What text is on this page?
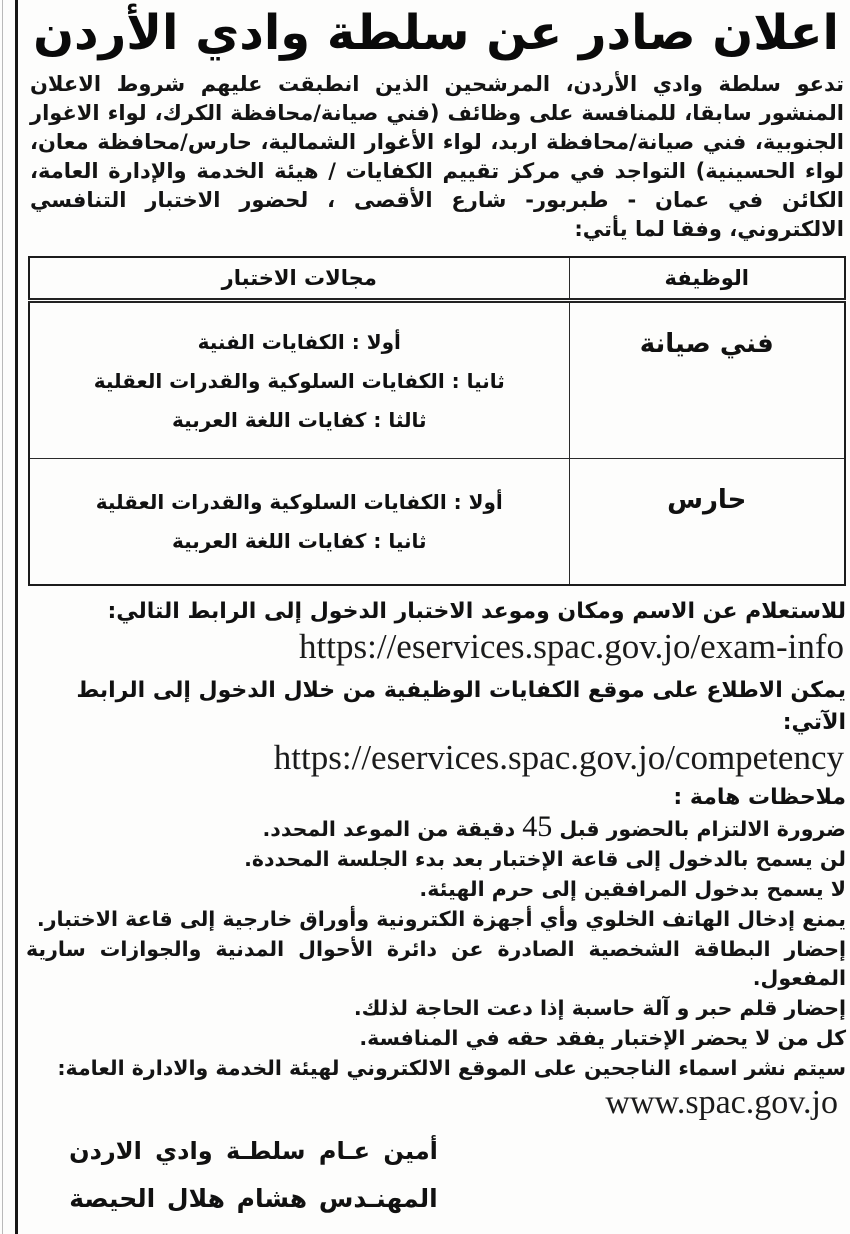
اعلان صادر عن سلطة وادي الأردن

تدعو سلطة وادي الأردن، المرشحين الذين انطبقت عليهم شروط الاعلان المنشور سابقا، للمنافسة على وظائف (فني صيانة/محافظة الكرك، لواء الاغوار الجنوبية، فني صيانة/محافظة اربد، لواء الأغوار الشمالية، حارس/محافظة معان، لواء الحسينية) التواجد في مركز تقييم الكفايات / هيئة الخدمة والإدارة العامة، الكائن في عمان - طبربور- شارع الأقصى ، لحضور الاختبار التنافسي الالكتروني، وفقا لما يأتي:

الوظيفة	مجالات الاختبار
فني صيانة	أولا : الكفايات الفنية
ثانيا : الكفايات السلوكية والقدرات العقلية
ثالثا : كفايات اللغة العربية

حارس	أولا : الكفايات السلوكية والقدرات العقلية
ثانيا : كفايات اللغة العربية

للاستعلام عن الاسم ومكان وموعد الاختبار الدخول إلى الرابط التالي:

https://eservices.spac.gov.jo/exam-info

يمكن الاطلاع على موقع الكفايات الوظيفية من خلال الدخول إلى الرابط الآتي:

https://eservices.spac.gov.jo/competency

ملاحظات هامة :

ضرورة الالتزام بالحضور قبل 45 دقيقة من الموعد المحدد.

لن يسمح بالدخول إلى قاعة الإختبار بعد بدء الجلسة المحددة.

لا يسمح بدخول المرافقين إلى حرم الهيئة.

يمنع إدخال الهاتف الخلوي وأي أجهزة الكترونية وأوراق خارجية إلى قاعة الاختبار.

إحضار البطاقة الشخصية الصادرة عن دائرة الأحوال المدنية والجوازات سارية المفعول.

إحضار قلم حبر و آلة حاسبة إذا دعت الحاجة لذلك.

كل من لا يحضر الإختبار يفقد حقه في المنافسة.

سيتم نشر اسماء الناجحين على الموقع الالكتروني لهيئة الخدمة والادارة العامة:

www.spac.gov.jo

أمين عـام سلطـة وادي الاردن

المهنـدس هشام هلال الحيصة
